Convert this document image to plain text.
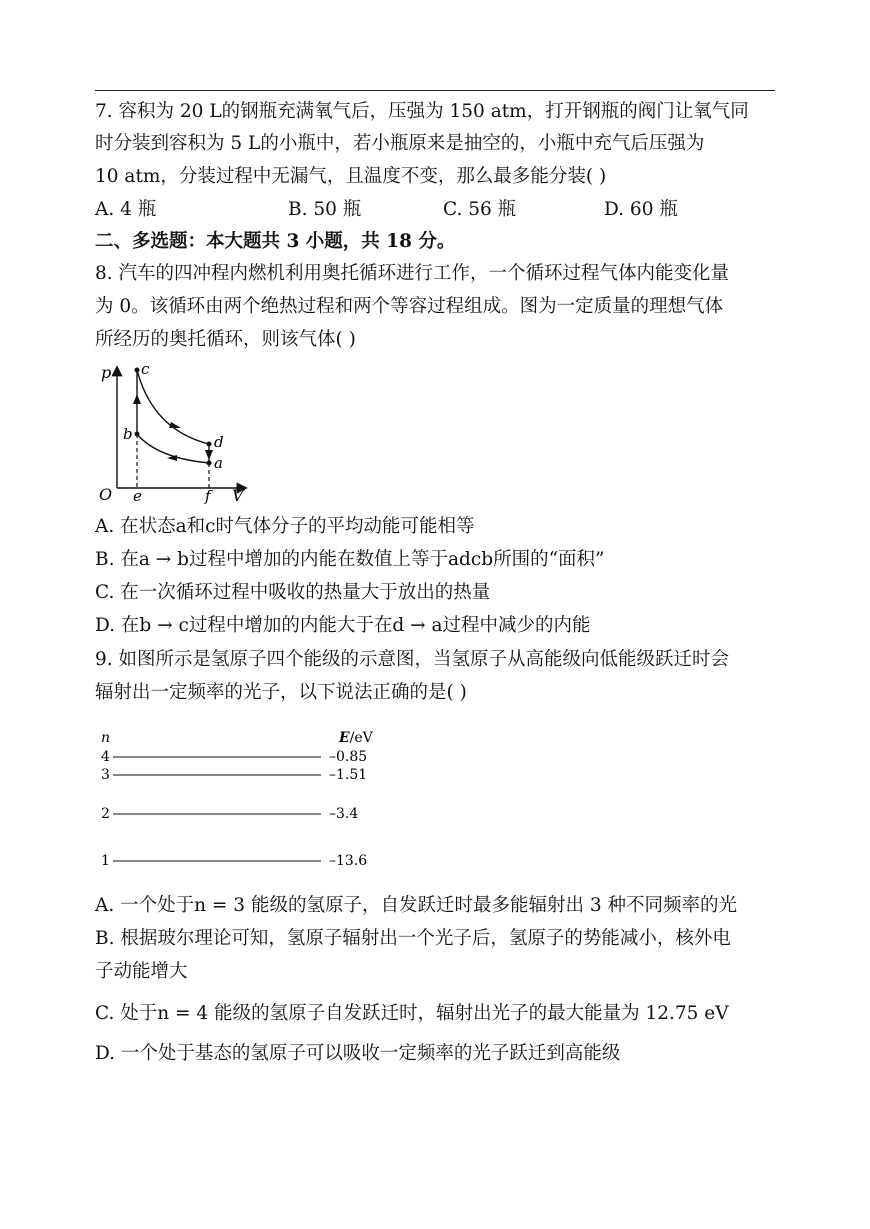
7. 容积为 20 L的钢瓶充满氧气后，压强为 150 atm，打开钢瓶的阀门让氧气同
时分装到容积为 5 L的小瓶中，若小瓶原来是抽空的，小瓶中充气后压强为
10 atm，分装过程中无漏气，且温度不变，那么最多能分装( )
A. 4 瓶	B. 50 瓶	C. 56 瓶	D. 60 瓶
二、多选题：本大题共 3 小题，共 18 分。
8. 汽车的四冲程内燃机利用奥托循环进行工作，一个循环过程气体内能变化量
为 0。该循环由两个绝热过程和两个等容过程组成。图为一定质量的理想气体
所经历的奥托循环，则该气体( )
p c
b	d
a
O e	f V
A. 在状态a和c时气体分子的平均动能可能相等
B. 在a → b过程中增加的内能在数值上等于adcb所围的“面积”
C. 在一次循环过程中吸收的热量大于放出的热量
D. 在b → c过程中增加的内能大于在d → a过程中减少的内能
9. 如图所示是氢原子四个能级的示意图，当氢原子从高能级向低能级跃迁时会
辐射出一定频率的光子，以下说法正确的是( )
n	E/eV
4	–0.85
3	–1.51
2	–3.4
1	–13.6
A. 一个处于n = 3 能级的氢原子，自发跃迁时最多能辐射出 3 种不同频率的光
B. 根据玻尔理论可知，氢原子辐射出一个光子后，氢原子的势能减小，核外电
子动能增大
C. 处于n = 4 能级的氢原子自发跃迁时，辐射出光子的最大能量为 12.75 eV
D. 一个处于基态的氢原子可以吸收一定频率的光子跃迁到高能级
